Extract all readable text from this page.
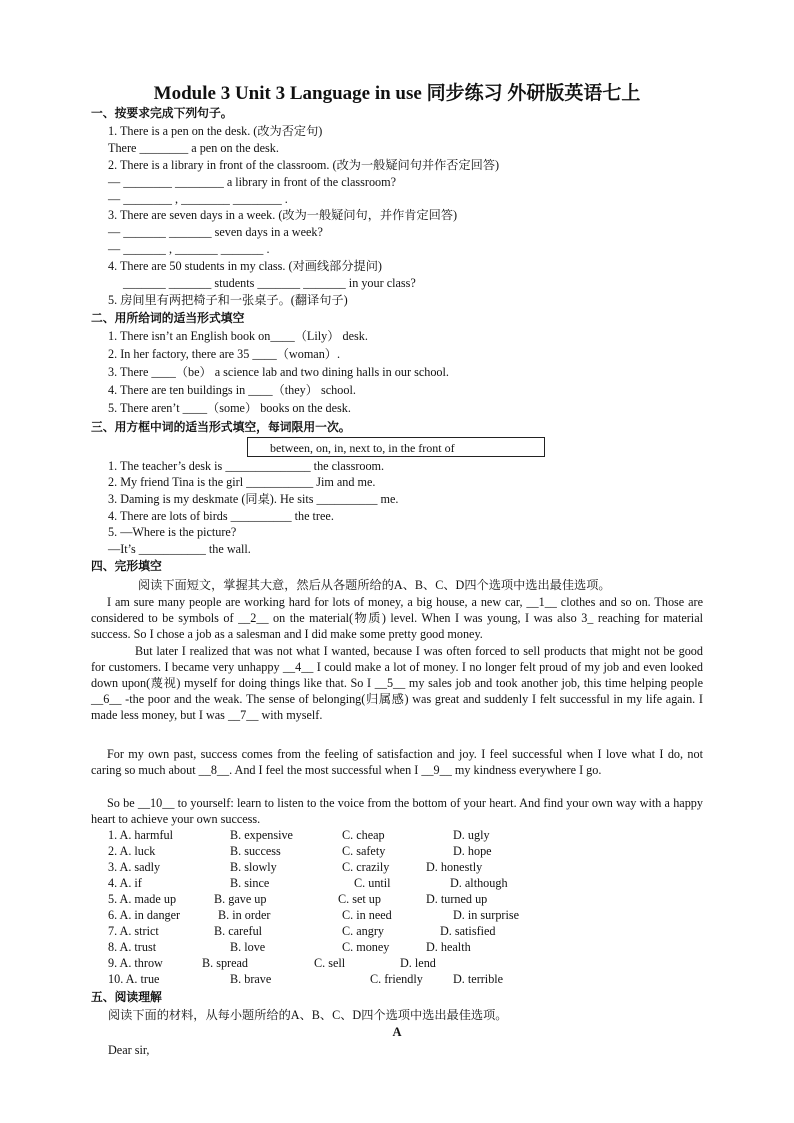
Module 3 Unit 3 Language in use 同步练习 外研版英语七上
一、按要求完成下列句子。
1. There is a pen on the desk. (改为否定句)
There ________ a pen on the desk.
2. There is a library in front of the classroom. (改为一般疑问句并作否定回答)
— ________ ________ a library in front of the classroom?
— ________ , ________ ________ .
3. There are seven days in a week. (改为一般疑问句，并作肯定回答)
— _______ _______ seven days in a week?
— _______ , _______ _______ .
4. There are 50 students in my class. (对画线部分提问)
_______ _______ students _______ _______ in your class?
5. 房间里有两把椅子和一张桌子。(翻译句子)
二、用所给词的适当形式填空
1. There isn’t an English book on____（Lily） desk.
2. In her factory, there are 35 ____（woman）.
3. There ____（be） a science lab and two dining halls in our school.
4. There are ten buildings in ____（they） school.
5. There aren’t ____（some） books on the desk.
三、用方框中词的适当形式填空，每词限用一次。
between, on, in, next to, in the front of
1. The teacher’s desk is ______________ the classroom.
2. My friend Tina is the girl ___________ Jim and me.
3. Daming is my deskmate (同桌). He sits __________ me.
4. There are lots of birds __________ the tree.
5. —Where is the picture?
—It’s ___________ the wall.
四、完形填空
阅读下面短文，掌握其大意，然后从各题所给的A、B、C、D四个选项中选出最佳选项。
I am sure many people are working hard for lots of money, a big house, a new car, __1__ clothes and so on. Those are considered to be symbols of __2__ on the material(物质) level. When I was young, I was also 3_ reaching for material success. So I chose a job as a salesman and I did make some pretty good money.
But later I realized that was not what I wanted, because I was often forced to sell products that might not be good for customers. I became very unhappy __4__ I could make a lot of money. I no longer felt proud of my job and even looked down upon(蔑视) myself for doing things like that. So I __5__ my sales job and took another job, this time helping people __6__ -the poor and the weak. The sense of belonging(归属感) was great and suddenly I felt successful in my life again. I made less money, but I was __7__ with myself.
For my own past, success comes from the feeling of satisfaction and joy. I feel successful when I love what I do, not caring so much about __8__. And I feel the most successful when I __9__ my kindness everywhere I go.
So be __10__ to yourself: learn to listen to the voice from the bottom of your heart. And find your own way with a happy heart to achieve your own success.
1. A. harmful	B. expensive	C. cheap	D. ugly
2. A. luck	B. success	C. safety	D. hope
3. A. sadly	B. slowly	C. crazily	D. honestly
4. A. if	B. since	C. until	D. although
5. A. made up	B. gave up	C. set up	D. turned up
6. A. in danger	B. in order	C. in need	D. in surprise
7. A. strict	B. careful	C. angry	D. satisfied
8. A. trust	B. love	C. money	D. health
9. A. throw	B. spread	C. sell	D. lend
10. A. true	B. brave	C. friendly D. terrible
五、阅读理解
阅读下面的材料，从每小题所给的A、B、C、D四个选项中选出最佳选项。
A
Dear sir,
